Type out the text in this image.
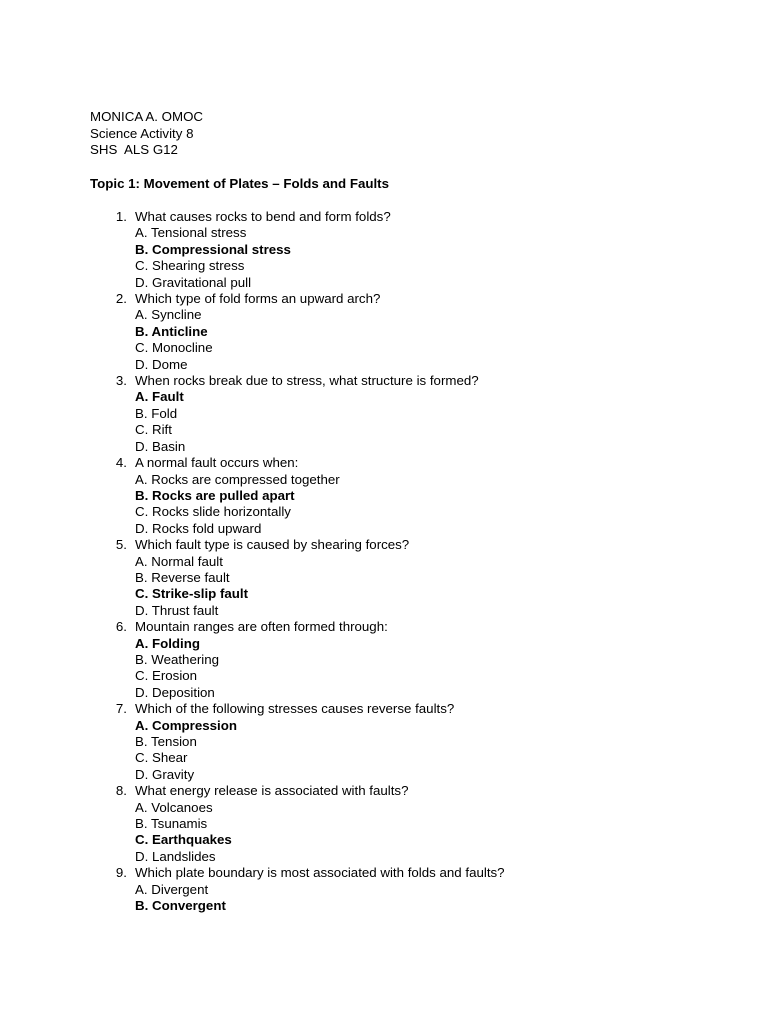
MONICA A. OMOC
Science Activity 8
SHS  ALS G12
Topic 1: Movement of Plates – Folds and Faults
1. What causes rocks to bend and form folds?
A. Tensional stress
B. Compressional stress
C. Shearing stress
D. Gravitational pull
2. Which type of fold forms an upward arch?
A. Syncline
B. Anticline
C. Monocline
D. Dome
3. When rocks break due to stress, what structure is formed?
A. Fault
B. Fold
C. Rift
D. Basin
4. A normal fault occurs when:
A. Rocks are compressed together
B. Rocks are pulled apart
C. Rocks slide horizontally
D. Rocks fold upward
5. Which fault type is caused by shearing forces?
A. Normal fault
B. Reverse fault
C. Strike-slip fault
D. Thrust fault
6. Mountain ranges are often formed through:
A. Folding
B. Weathering
C. Erosion
D. Deposition
7. Which of the following stresses causes reverse faults?
A. Compression
B. Tension
C. Shear
D. Gravity
8. What energy release is associated with faults?
A. Volcanoes
B. Tsunamis
C. Earthquakes
D. Landslides
9. Which plate boundary is most associated with folds and faults?
A. Divergent
B. Convergent
